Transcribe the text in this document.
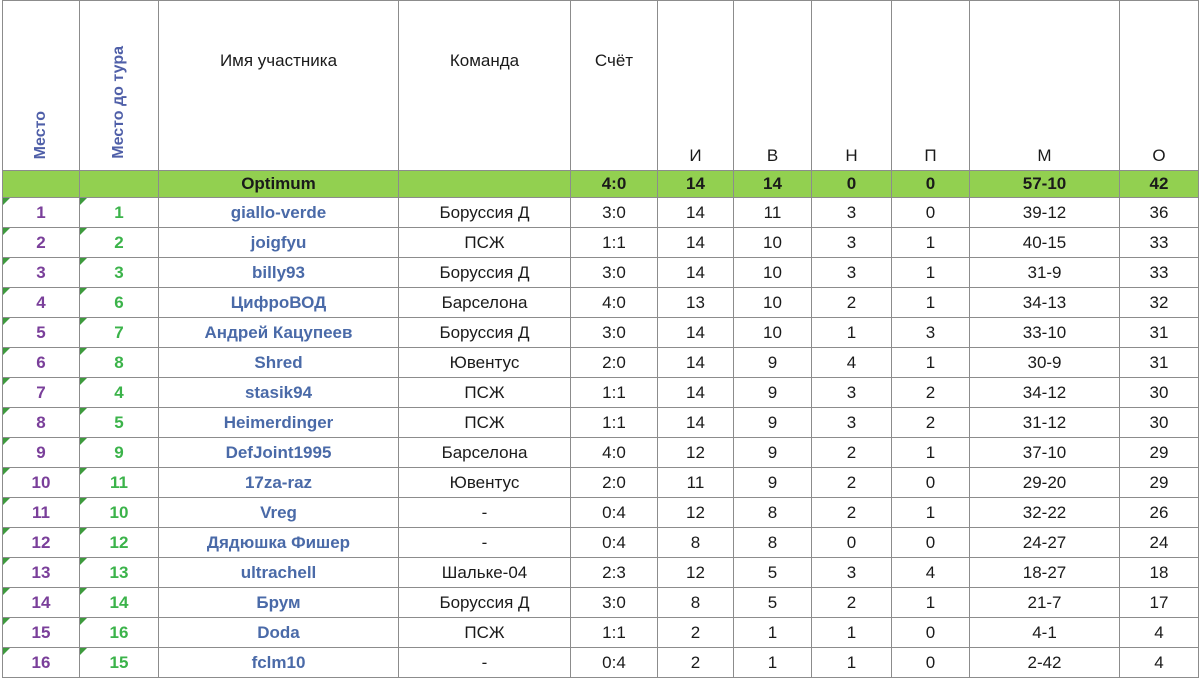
Место	Место до тура	Имя участника	Команда	Счёт	И	В	Н	П	М	О
		Optimum		4:0	14	14	0	0	57-10	42
1	1	giallo-verde	Боруссия Д	3:0	14	11	3	0	39-12	36
2	2	joigfyu	ПСЖ	1:1	14	10	3	1	40-15	33
3	3	billy93	Боруссия Д	3:0	14	10	3	1	31-9	33
4	6	ЦифроВОД	Барселона	4:0	13	10	2	1	34-13	32
5	7	Андрей Кацупеев	Боруссия Д	3:0	14	10	1	3	33-10	31
6	8	Shred	Ювентус	2:0	14	9	4	1	30-9	31
7	4	stasik94	ПСЖ	1:1	14	9	3	2	34-12	30
8	5	Heimerdinger	ПСЖ	1:1	14	9	3	2	31-12	30
9	9	DefJoint1995	Барселона	4:0	12	9	2	1	37-10	29
10	11	17za-raz	Ювентус	2:0	11	9	2	0	29-20	29
11	10	Vreg	-	0:4	12	8	2	1	32-22	26
12	12	Дядюшка Фишер	-	0:4	8	8	0	0	24-27	24
13	13	ultrachell	Шальке-04	2:3	12	5	3	4	18-27	18
14	14	Брум	Боруссия Д	3:0	8	5	2	1	21-7	17
15	16	Doda	ПСЖ	1:1	2	1	1	0	4-1	4
16	15	fclm10	-	0:4	2	1	1	0	2-42	4
